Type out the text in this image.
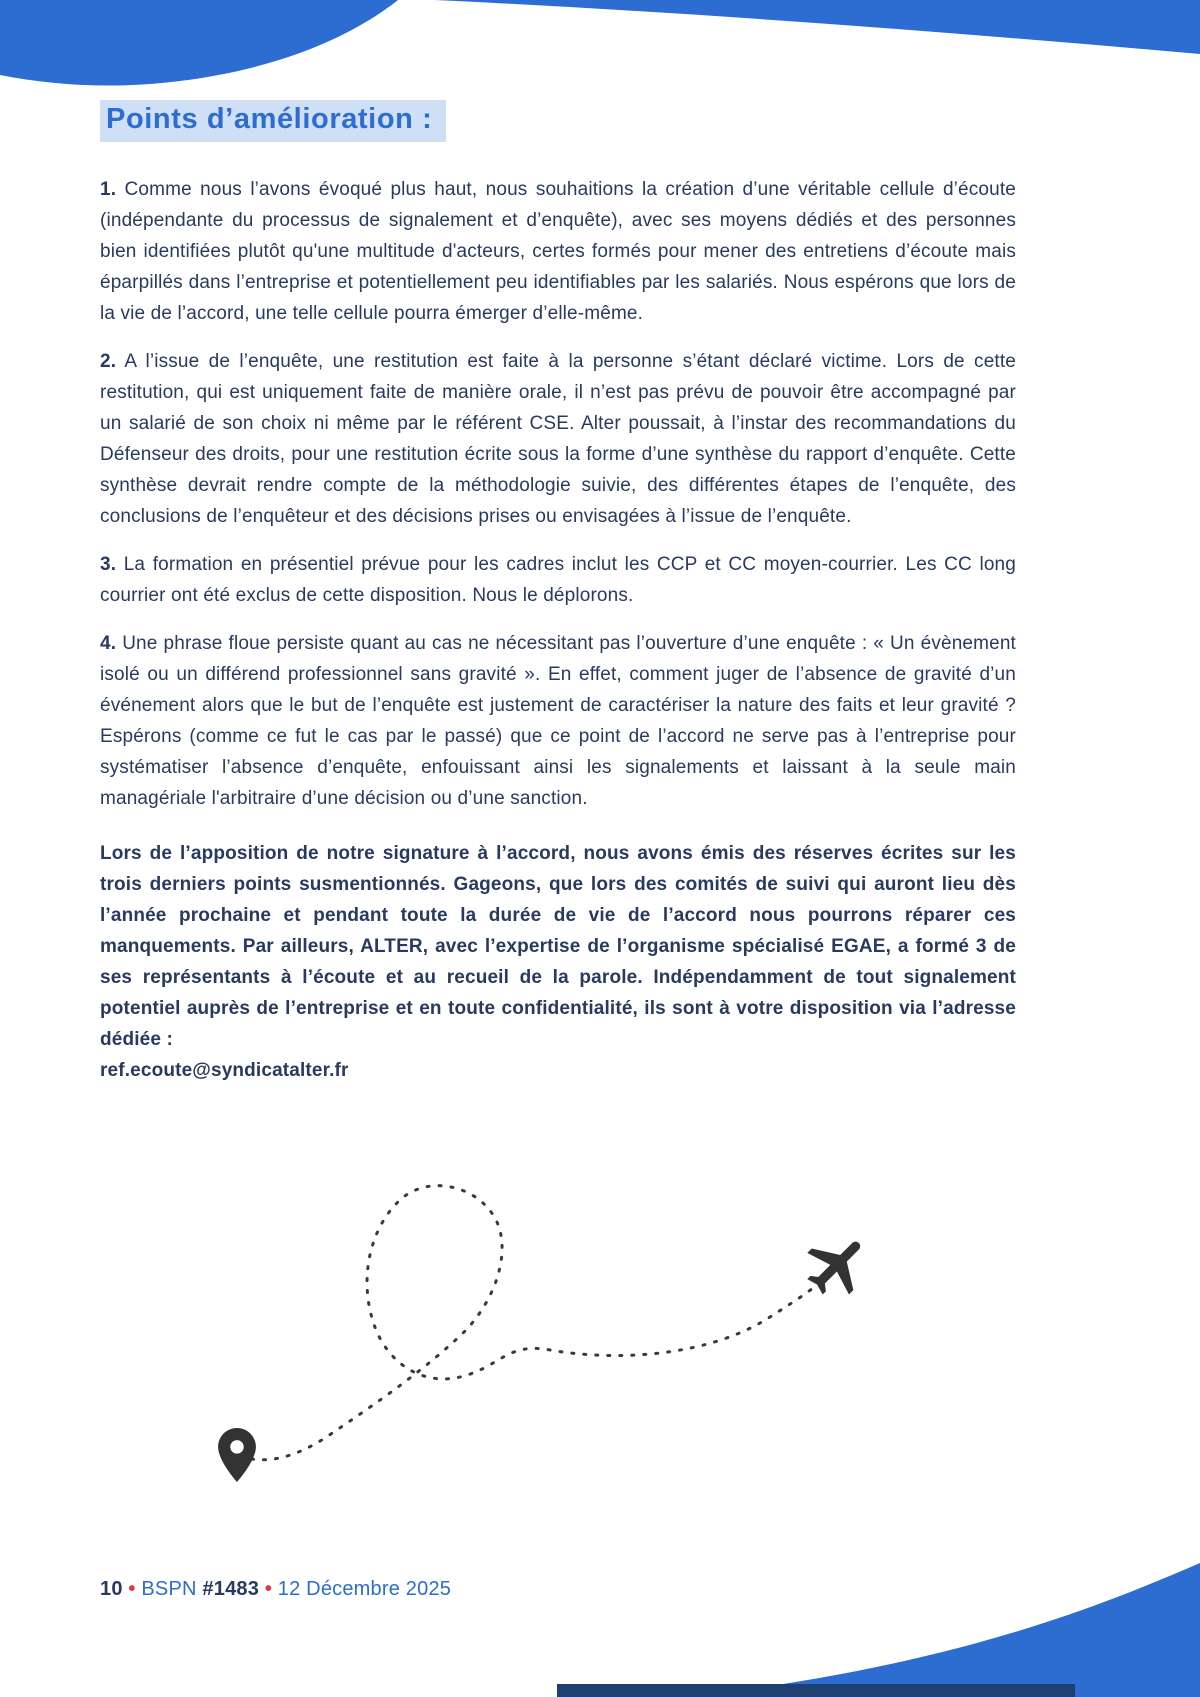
Points d’amélioration :

1. Comme nous l’avons évoqué plus haut, nous souhaitions la création d’une véritable cellule d’écoute (indépendante du processus de signalement et d’enquête), avec ses moyens dédiés et des personnes bien identifiées plutôt qu'une multitude d'acteurs, certes formés pour mener des entretiens d’écoute mais éparpillés dans l’entreprise et potentiellement peu identifiables par les salariés. Nous espérons que lors de la vie de l’accord, une telle cellule pourra émerger d’elle-même.

2. A l’issue de l’enquête, une restitution est faite à la personne s’étant déclaré victime. Lors de cette restitution, qui est uniquement faite de manière orale, il n’est pas prévu de pouvoir être accompagné par un salarié de son choix ni même par le référent CSE. Alter poussait, à l’instar des recommandations du Défenseur des droits, pour une restitution écrite sous la forme d’une synthèse du rapport d’enquête. Cette synthèse devrait rendre compte de la méthodologie suivie, des différentes étapes de l’enquête, des conclusions de l’enquêteur et des décisions prises ou envisagées à l’issue de l’enquête.

3. La formation en présentiel prévue pour les cadres inclut les CCP et CC moyen-courrier. Les CC long courrier ont été exclus de cette disposition. Nous le déplorons.

4. Une phrase floue persiste quant au cas ne nécessitant pas l’ouverture d’une enquête : « Un évènement isolé ou un différend professionnel sans gravité ». En effet, comment juger de l’absence de gravité d’un événement alors que le but de l’enquête est justement de caractériser la nature des faits et leur gravité ? Espérons (comme ce fut le cas par le passé) que ce point de l’accord ne serve pas à l’entreprise pour systématiser l’absence d’enquête, enfouissant ainsi les signalements et laissant à la seule main managériale l'arbitraire d’une décision ou d’une sanction.

Lors de l’apposition de notre signature à l’accord, nous avons émis des réserves écrites sur les trois derniers points susmentionnés. Gageons, que lors des comités de suivi qui auront lieu dès l’année prochaine et pendant toute la durée de vie de l’accord nous pourrons réparer ces manquements. Par ailleurs, ALTER, avec l’expertise de l’organisme spécialisé EGAE, a formé 3 de ses représentants à l’écoute et au recueil de la parole. Indépendamment de tout signalement potentiel auprès de l’entreprise et en toute confidentialité, ils sont à votre disposition via l’adresse dédiée :
ref.ecoute@syndicatalter.fr

10 • BSPN #1483 • 12 Décembre 2025
